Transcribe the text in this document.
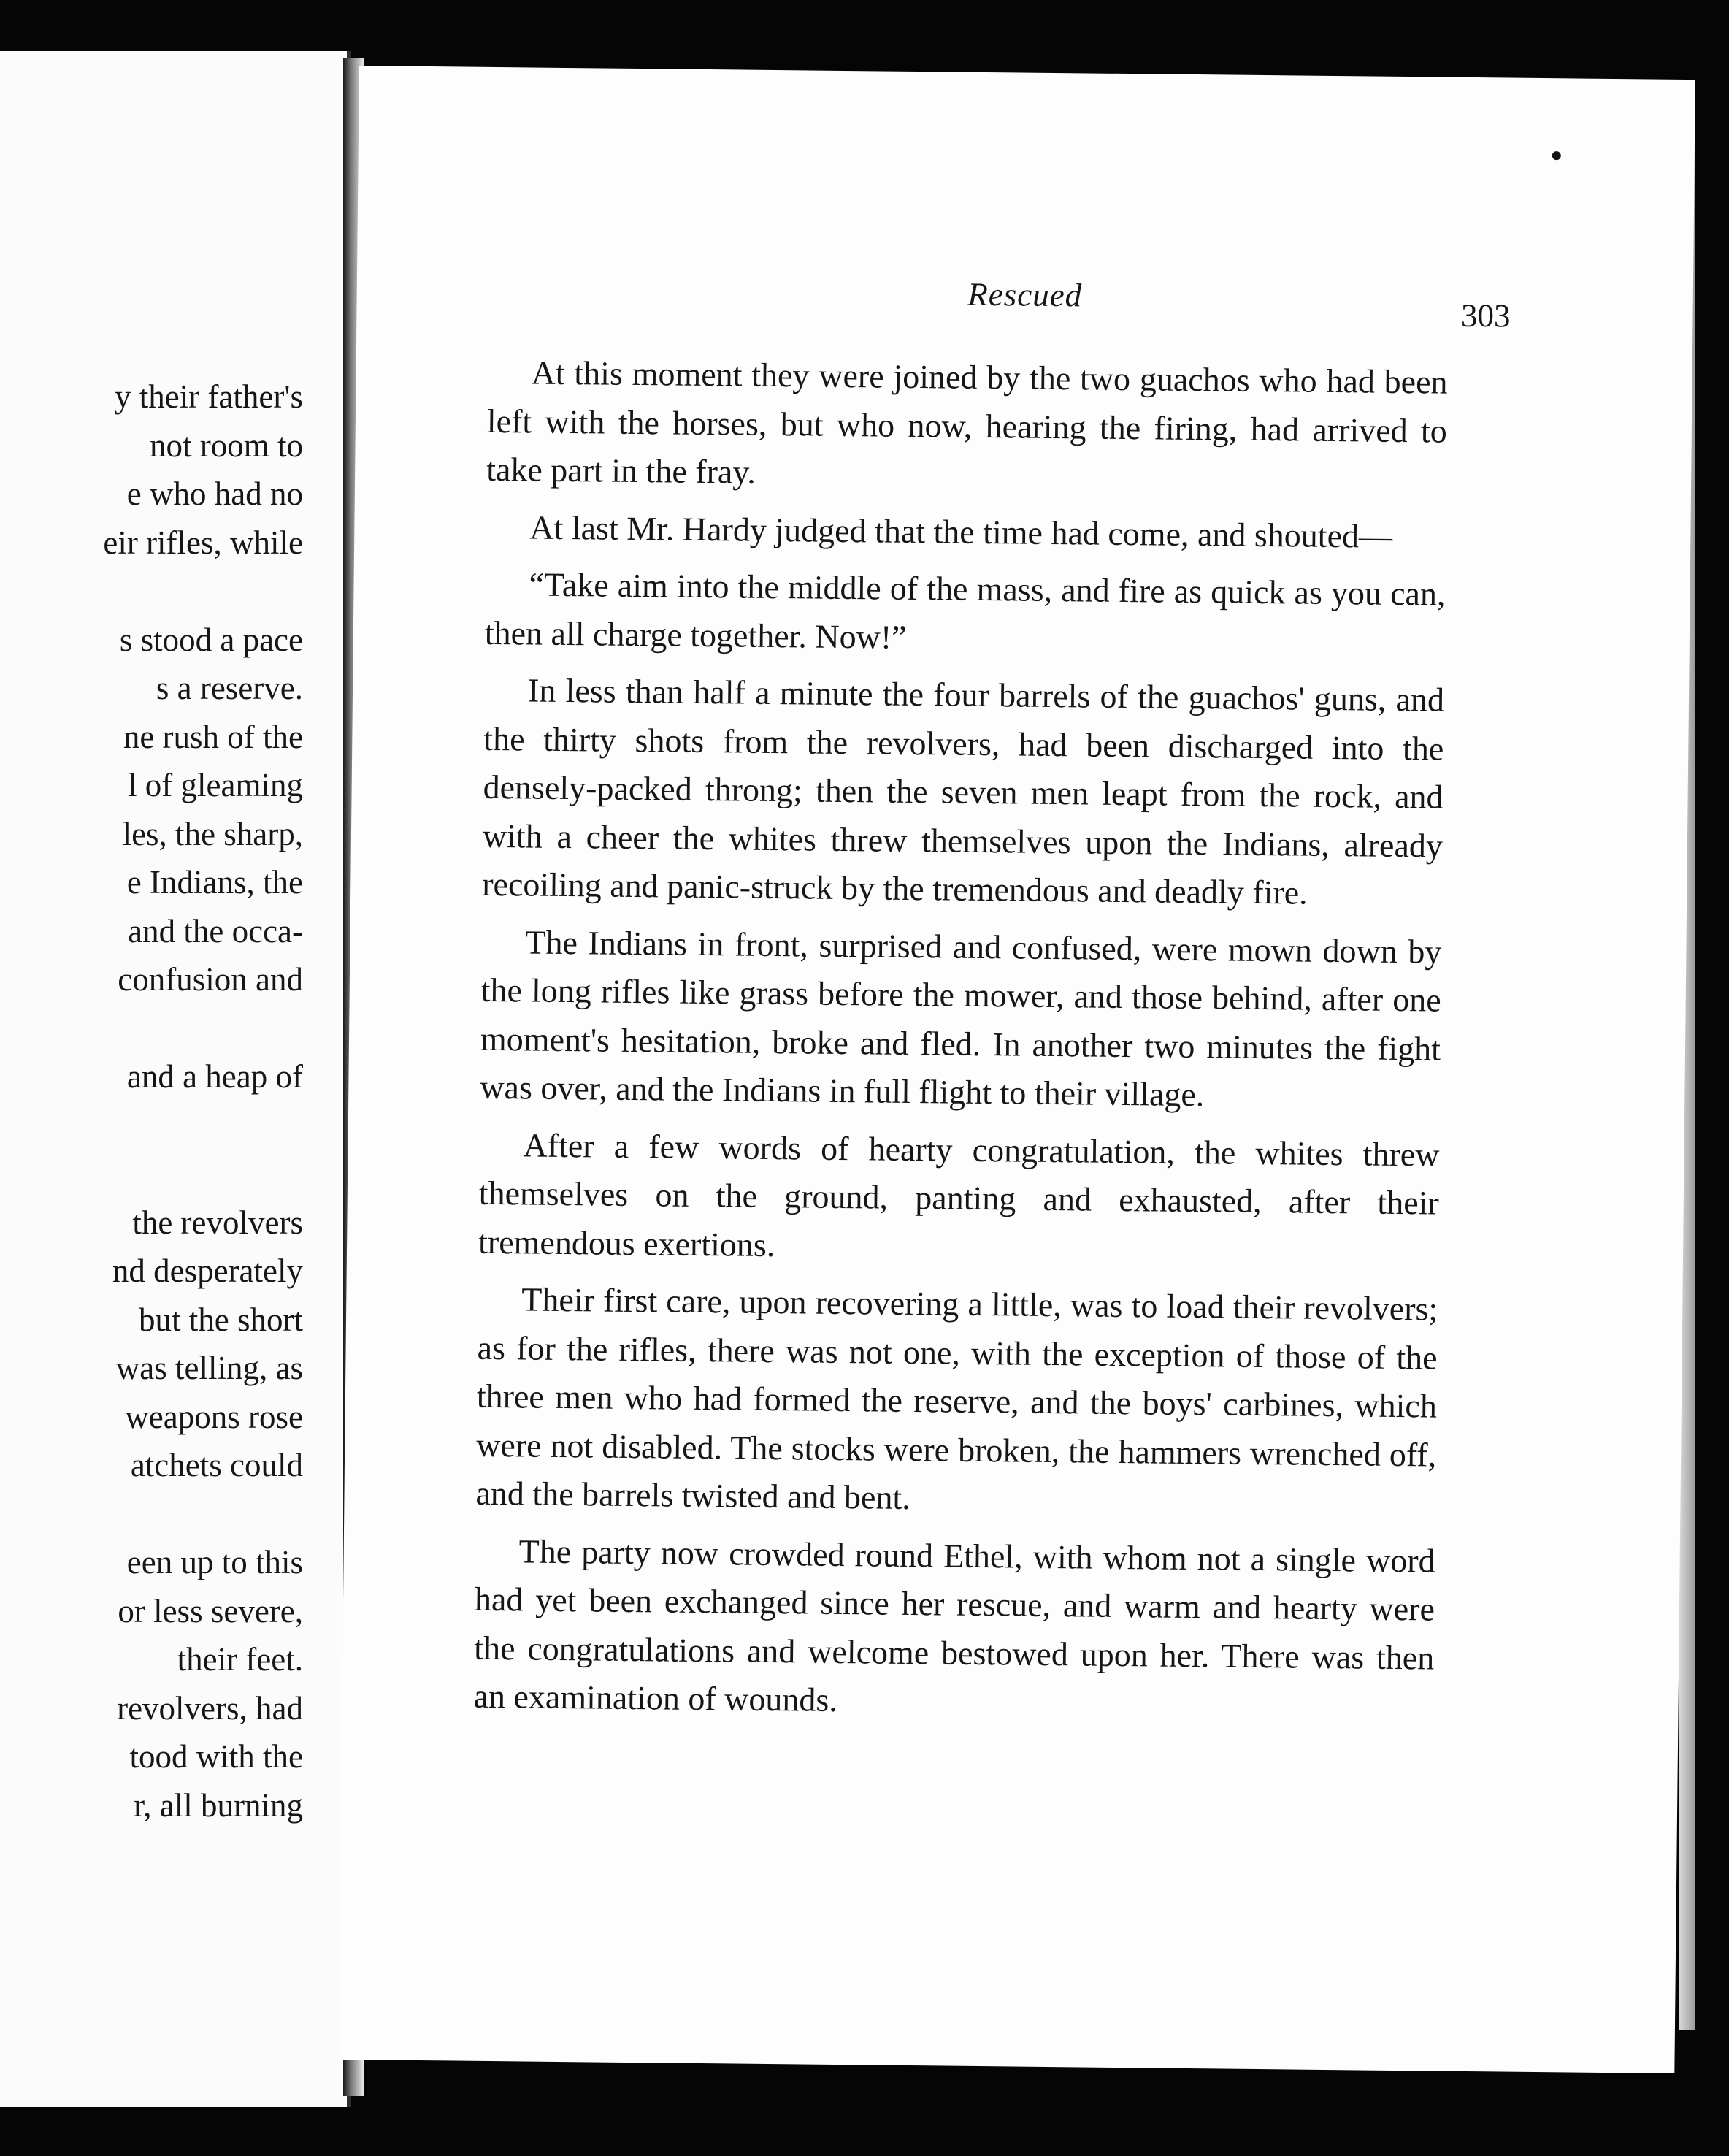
y their father's
not room to
e who had no
eir rifles, while
s stood a pace
s a reserve.
ne rush of the
l of gleaming
les, the sharp,
e Indians, the
and the occa-
confusion and
and a heap of
the revolvers
nd desperately
but the short
was telling, as
weapons rose
atchets could
een up to this
or less severe,
their feet.
revolvers, had
tood with the
r, all burning
Rescued
303

At this moment they were joined by the two guachos who had been left with the horses, but who now, hearing the firing, had arrived to take part in the fray.

At last Mr. Hardy judged that the time had come, and shouted—

“Take aim into the middle of the mass, and fire as quick as you can, then all charge together. Now!”

In less than half a minute the four barrels of the guachos' guns, and the thirty shots from the revolvers, had been discharged into the densely-packed throng; then the seven men leapt from the rock, and with a cheer the whites threw themselves upon the Indians, already recoiling and panic-struck by the tremendous and deadly fire.

The Indians in front, surprised and confused, were mown down by the long rifles like grass before the mower, and those behind, after one moment's hesitation, broke and fled. In another two minutes the fight was over, and the Indians in full flight to their village.

After a few words of hearty congratulation, the whites threw themselves on the ground, panting and exhausted, after their tremendous exertions.

Their first care, upon recovering a little, was to load their revolvers; as for the rifles, there was not one, with the exception of those of the three men who had formed the reserve, and the boys' carbines, which were not disabled. The stocks were broken, the hammers wrenched off, and the barrels twisted and bent.

The party now crowded round Ethel, with whom not a single word had yet been exchanged since her rescue, and warm and hearty were the congratulations and welcome bestowed upon her. There was then an examination of wounds.
